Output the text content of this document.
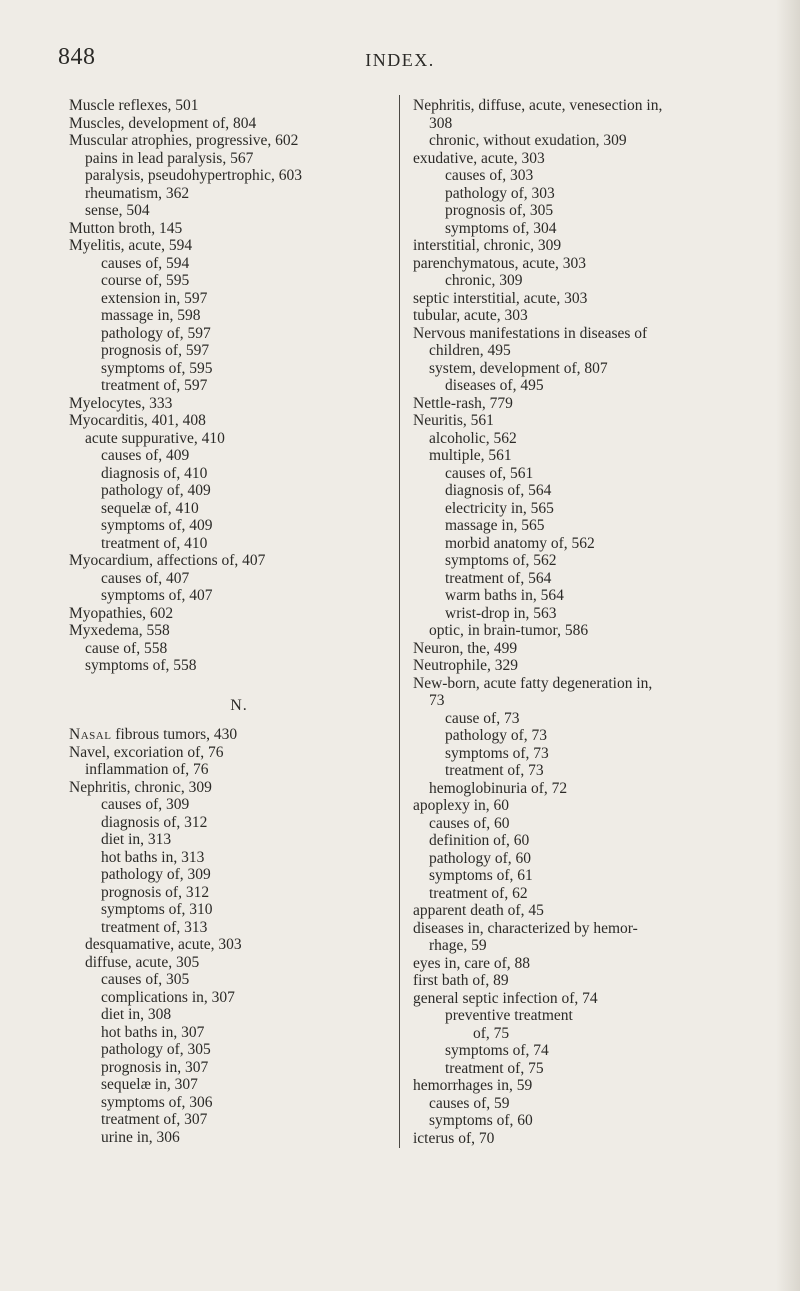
848	INDEX.
Muscle reflexes, 501
Muscles, development of, 804
Muscular atrophies, progressive, 602
pains in lead paralysis, 567
paralysis, pseudohypertrophic, 603
rheumatism, 362
sense, 504
Mutton broth, 145
Myelitis, acute, 594
causes of, 594
course of, 595
extension in, 597
massage in, 598
pathology of, 597
prognosis of, 597
symptoms of, 595
treatment of, 597
Myelocytes, 333
Myocarditis, 401, 408
acute suppurative, 410
causes of, 409
diagnosis of, 410
pathology of, 409
sequelæ of, 410
symptoms of, 409
treatment of, 410
Myocardium, affections of, 407
causes of, 407
symptoms of, 407
Myopathies, 602
Myxedema, 558
cause of, 558
symptoms of, 558
N.
Nasal fibrous tumors, 430
Navel, excoriation of, 76
inflammation of, 76
Nephritis, chronic, 309
causes of, 309
diagnosis of, 312
diet in, 313
hot baths in, 313
pathology of, 309
prognosis of, 312
symptoms of, 310
treatment of, 313
desquamative, acute, 303
diffuse, acute, 305
causes of, 305
complications in, 307
diet in, 308
hot baths in, 307
pathology of, 305
prognosis in, 307
sequelæ in, 307
symptoms of, 306
treatment of, 307
urine in, 306
Nephritis, diffuse, acute, venesection in,
308
chronic, without exudation, 309
exudative, acute, 303
causes of, 303
pathology of, 303
prognosis of, 305
symptoms of, 304
interstitial, chronic, 309
parenchymatous, acute, 303
chronic, 309
septic interstitial, acute, 303
tubular, acute, 303
Nervous manifestations in diseases of
children, 495
system, development of, 807
diseases of, 495
Nettle-rash, 779
Neuritis, 561
alcoholic, 562
multiple, 561
causes of, 561
diagnosis of, 564
electricity in, 565
massage in, 565
morbid anatomy of, 562
symptoms of, 562
treatment of, 564
warm baths in, 564
wrist-drop in, 563
optic, in brain-tumor, 586
Neuron, the, 499
Neutrophile, 329
New-born, acute fatty degeneration in,
73
cause of, 73
pathology of, 73
symptoms of, 73
treatment of, 73
hemoglobinuria of, 72
apoplexy in, 60
causes of, 60
definition of, 60
pathology of, 60
symptoms of, 61
treatment of, 62
apparent death of, 45
diseases in, characterized by hemor-
rhage, 59
eyes in, care of, 88
first bath of, 89
general septic infection of, 74
preventive treatment
of, 75
symptoms of, 74
treatment of, 75
hemorrhages in, 59
causes of, 59
symptoms of, 60
icterus of, 70
